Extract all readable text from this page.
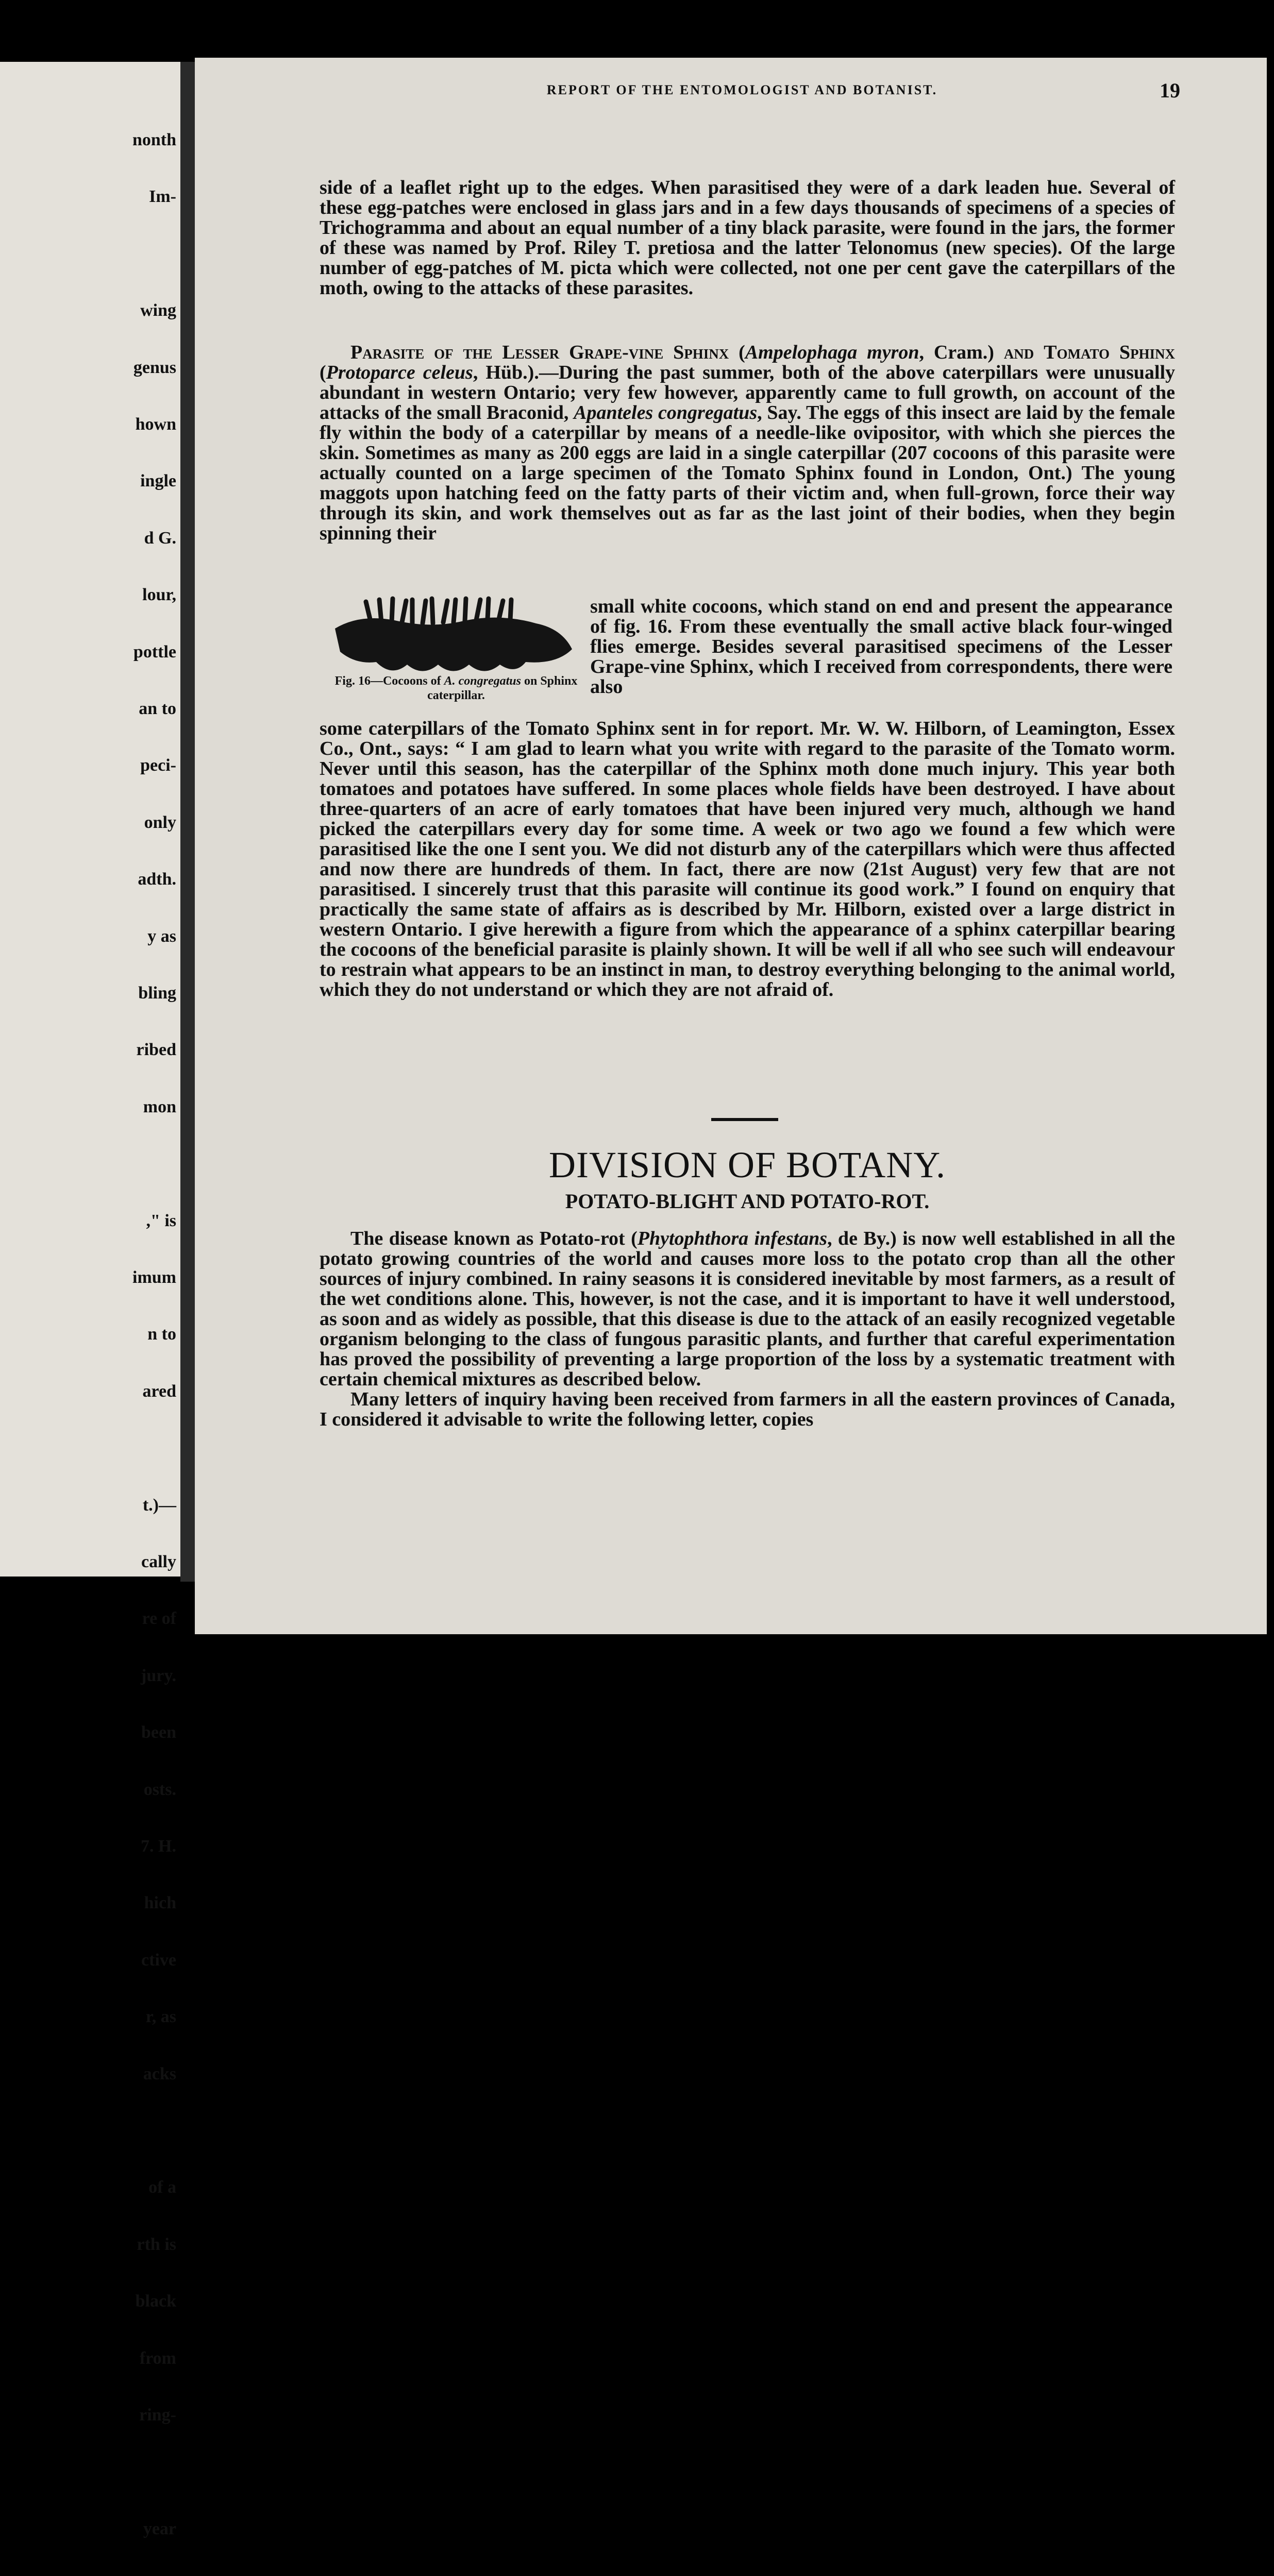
nonth
Im-
wing
genus
hown
ingle
d G.
lour,
pottle
an to
peci-
only
adth.
y as
bling
ribed
mon
," is
imum
n to
ared
t.)—
cally
re of
jury.
been
osts.
7. H.
hich
ctive
r, as
acks
of a
rth is
black
from
ring-
year
REPORT OF THE ENTOMOLOGIST AND BOTANIST.	19

side of a leaflet right up to the edges. When parasitised they were of a dark leaden hue. Several of these egg-patches were enclosed in glass jars and in a few days thousands of specimens of a species of Trichogramma and about an equal number of a tiny black parasite, were found in the jars, the former of these was named by Prof. Riley T. pretiosa and the latter Telonomus (new species). Of the large number of egg-patches of M. picta which were collected, not one per cent gave the caterpillars of the moth, owing to the attacks of these parasites.

Parasite of the Lesser Grape-vine Sphinx (Ampelophaga myron, Cram.) and Tomato Sphinx (Protoparce celeus, Hüb.).—During the past summer, both of the above caterpillars were unusually abundant in western Ontario; very few however, apparently came to full growth, on account of the attacks of the small Braconid, Apanteles congregatus, Say. The eggs of this insect are laid by the female fly within the body of a caterpillar by means of a needle-like ovipositor, with which she pierces the skin. Sometimes as many as 200 eggs are laid in a single caterpillar (207 cocoons of this parasite were actually counted on a large specimen of the Tomato Sphinx found in London, Ont.) The young maggots upon hatching feed on the fatty parts of their victim and, when full-grown, force their way through its skin, and work themselves out as far as the last joint of their bodies, when they begin spinning their

Fig. 16—Cocoons of A. congregatus on Sphinx caterpillar.
small white cocoons, which stand on end and present the appearance of fig. 16. From these eventually the small active black four-winged flies emerge. Besides several parasitised specimens of the Lesser Grape-vine Sphinx, which I received from correspondents, there were also

some caterpillars of the Tomato Sphinx sent in for report. Mr. W. W. Hilborn, of Leamington, Essex Co., Ont., says: “ I am glad to learn what you write with regard to the parasite of the Tomato worm. Never until this season, has the caterpillar of the Sphinx moth done much injury. This year both tomatoes and potatoes have suffered. In some places whole fields have been destroyed. I have about three-quarters of an acre of early tomatoes that have been injured very much, although we hand picked the caterpillars every day for some time. A week or two ago we found a few which were parasitised like the one I sent you. We did not disturb any of the caterpillars which were thus affected and now there are hundreds of them. In fact, there are now (21st August) very few that are not parasitised. I sincerely trust that this parasite will continue its good work.” I found on enquiry that practically the same state of affairs as is described by Mr. Hilborn, existed over a large district in western Ontario. I give herewith a figure from which the appearance of a sphinx caterpillar bearing the cocoons of the beneficial parasite is plainly shown. It will be well if all who see such will endeavour to restrain what appears to be an instinct in man, to destroy everything belonging to the animal world, which they do not understand or which they are not afraid of.

DIVISION OF BOTANY.
POTATO-BLIGHT AND POTATO-ROT.

The disease known as Potato-rot (Phytophthora infestans, de By.) is now well established in all the potato growing countries of the world and causes more loss to the potato crop than all the other sources of injury combined. In rainy seasons it is considered inevitable by most farmers, as a result of the wet conditions alone. This, however, is not the case, and it is important to have it well understood, as soon and as widely as possible, that this disease is due to the attack of an easily recognized vegetable organism belonging to the class of fungous parasitic plants, and further that careful experimentation has proved the possibility of preventing a large proportion of the loss by a systematic treatment with certain chemical mixtures as described below.

Many letters of inquiry having been received from farmers in all the eastern provinces of Canada, I considered it advisable to write the following letter, copies
